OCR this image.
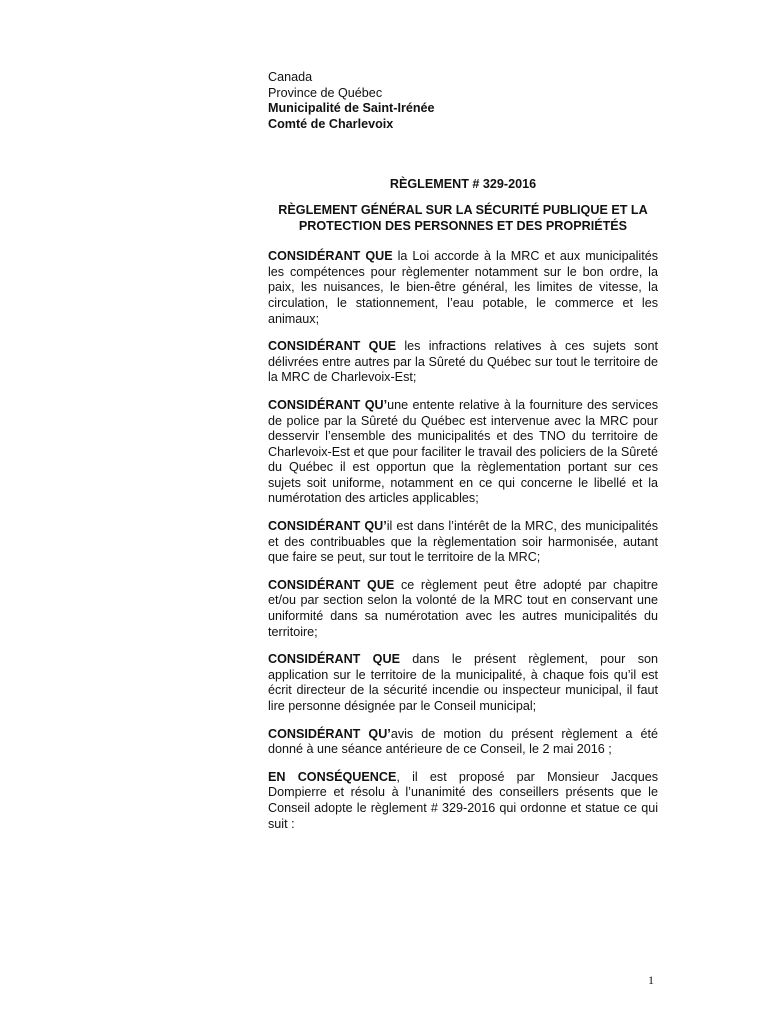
Canada
Province de Québec
Municipalité de Saint-Irénée
Comté de Charlevoix
RÈGLEMENT # 329-2016
RÈGLEMENT GÉNÉRAL SUR LA SÉCURITÉ PUBLIQUE ET LA PROTECTION DES PERSONNES ET DES PROPRIÉTÉS
CONSIDÉRANT QUE la Loi accorde à la MRC et aux municipalités les compétences pour règlementer notamment sur le bon ordre, la paix, les nuisances, le bien-être général, les limites de vitesse, la circulation, le stationnement, l’eau potable, le commerce et les animaux;
CONSIDÉRANT QUE les infractions relatives à ces sujets sont délivrées entre autres par la Sûreté du Québec sur tout le territoire de la MRC de Charlevoix-Est;
CONSIDÉRANT QU’une entente relative à la fourniture des services de police par la Sûreté du Québec est intervenue avec la MRC pour desservir l’ensemble des municipalités et des TNO du territoire de Charlevoix-Est et que pour faciliter le travail des policiers de la Sûreté du Québec il est opportun que la règlementation portant sur ces sujets soit uniforme, notamment en ce qui concerne le libellé et la numérotation des articles applicables;
CONSIDÉRANT QU’il est dans l’intérêt de la MRC, des municipalités et des contribuables que la règlementation soir harmonisée, autant que faire se peut, sur tout le territoire de la MRC;
CONSIDÉRANT QUE ce règlement peut être adopté par chapitre et/ou par section selon la volonté de la MRC tout en conservant une uniformité dans sa numérotation avec les autres municipalités du territoire;
CONSIDÉRANT QUE dans le présent règlement, pour son application sur le territoire de la municipalité, à chaque fois qu’il est écrit directeur de la sécurité incendie ou inspecteur municipal, il faut lire personne désignée par le Conseil municipal;
CONSIDÉRANT QU’avis de motion du présent règlement a été donné à une séance antérieure de ce Conseil, le 2 mai 2016 ;
EN CONSÉQUENCE, il est proposé par Monsieur Jacques Dompierre et résolu à l’unanimité des conseillers présents que le Conseil adopte le règlement # 329-2016 qui ordonne et statue ce qui suit :
1
